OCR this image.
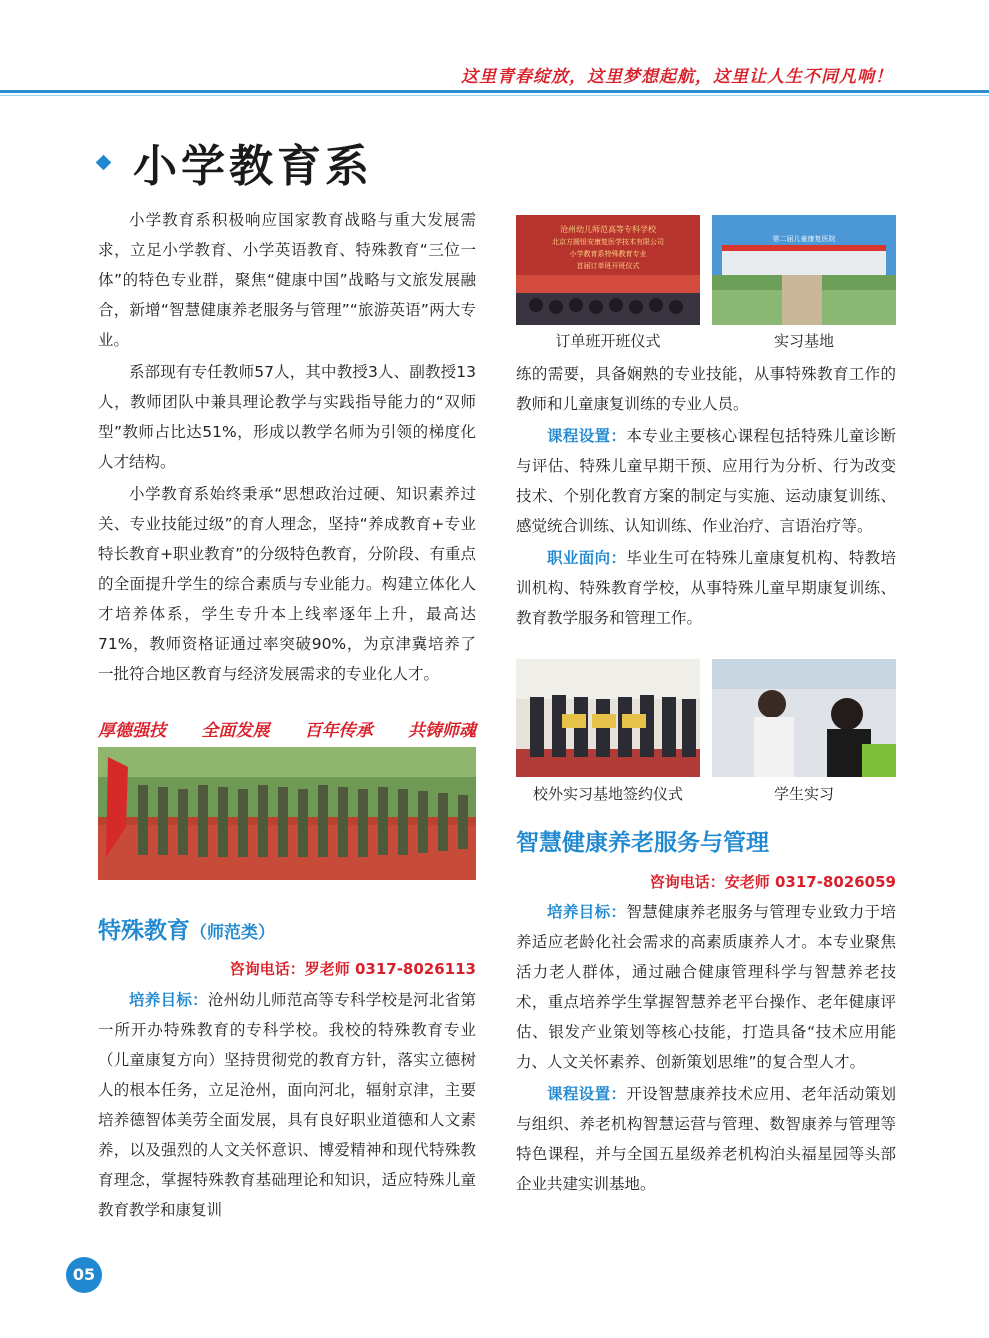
这里青春绽放，这里梦想起航，这里让人生不同凡响！
小学教育系

小学教育系积极响应国家教育战略与重大发展需求，立足小学教育、小学英语教育、特殊教育“三位一体”的特色专业群，聚焦“健康中国”战略与文旅发展融合，新增“智慧健康养老服务与管理”“旅游英语”两大专业。

系部现有专任教师57人，其中教授3人、副教授13人，教师团队中兼具理论教学与实践指导能力的“双师型”教师占比达51%，形成以教学名师为引领的梯度化人才结构。

小学教育系始终秉承“思想政治过硬、知识素养过关、专业技能过级”的育人理念，坚持“养成教育+专业特长教育+职业教育”的分级特色教育，分阶段、有重点的全面提升学生的综合素质与专业能力。构建立体化人才培养体系，学生专升本上线率逐年上升，最高达71%，教师资格证通过率突破90%，为京津冀培养了一批符合地区教育与经济发展需求的专业化人才。

厚德强技 全面发展 百年传承 共铸师魂
特殊教育（师范类）
咨询电话：罗老师 0317-8026113

培养目标：沧州幼儿师范高等专科学校是河北省第一所开办特殊教育的专科学校。我校的特殊教育专业（儿童康复方向）坚持贯彻党的教育方针，落实立德树人的根本任务，立足沧州，面向河北，辐射京津，主要培养德智体美劳全面发展，具有良好职业道德和人文素养，以及强烈的人文关怀意识、博爱精神和现代特殊教育理念，掌握特殊教育基础理论和知识，适应特殊儿童教育教学和康复训

沧州幼儿师范高等专科学校
北京方圆恒安康复医学技术有限公司
小学教育系特殊教育专业
首届订单班开班仪式
第二届儿童康复医院
订单班开班仪式	实习基地

练的需要，具备娴熟的专业技能，从事特殊教育工作的教师和儿童康复训练的专业人员。

课程设置：本专业主要核心课程包括特殊儿童诊断与评估、特殊儿童早期干预、应用行为分析、行为改变技术、个别化教育方案的制定与实施、运动康复训练、感觉统合训练、认知训练、作业治疗、言语治疗等。

职业面向：毕业生可在特殊儿童康复机构、特教培训机构、特殊教育学校，从事特殊儿童早期康复训练、教育教学服务和管理工作。

校外实习基地签约仪式	学生实习
智慧健康养老服务与管理
咨询电话：安老师 0317-8026059

培养目标：智慧健康养老服务与管理专业致力于培养适应老龄化社会需求的高素质康养人才。本专业聚焦活力老人群体，通过融合健康管理科学与智慧养老技术，重点培养学生掌握智慧养老平台操作、老年健康评估、银发产业策划等核心技能，打造具备“技术应用能力、人文关怀素养、创新策划思维”的复合型人才。

课程设置：开设智慧康养技术应用、老年活动策划与组织、养老机构智慧运营与管理、数智康养与管理等特色课程，并与全国五星级养老机构泊头福星园等头部企业共建实训基地。

05
